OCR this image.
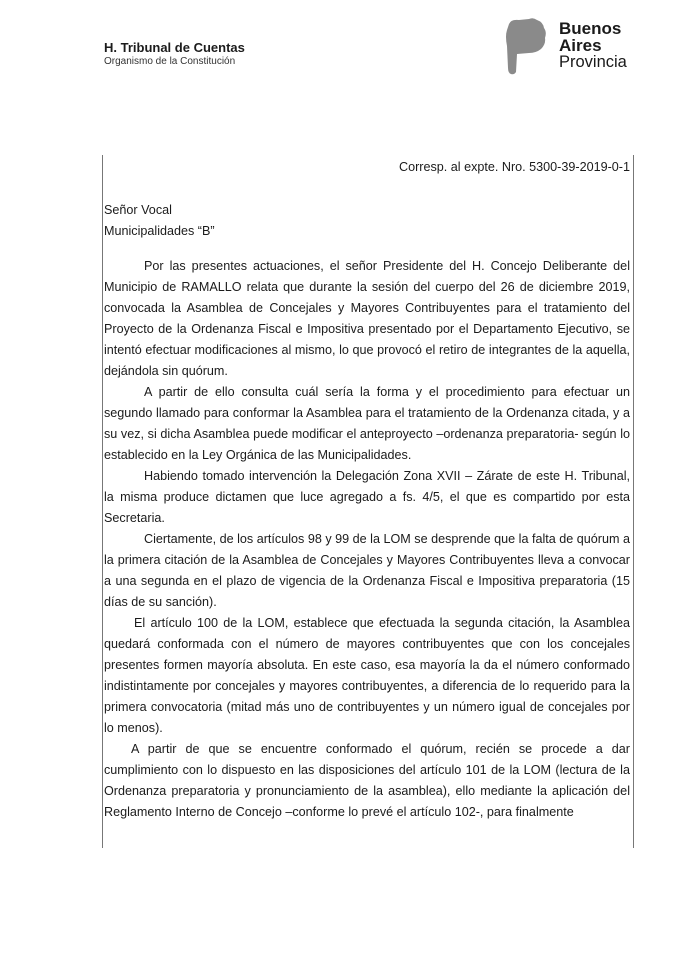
H. Tribunal de Cuentas
Organismo de la Constitución
Buenos
Aires
Provincia
Corresp. al expte. Nro. 5300-39-2019-0-1
Señor Vocal
Municipalidades “B”

Por las presentes actuaciones, el señor Presidente del H. Concejo Deliberante del Municipio de RAMALLO relata que durante la sesión del cuerpo del 26 de diciembre 2019, convocada la Asamblea de Concejales y Mayores Contribuyentes para el tratamiento del Proyecto de la Ordenanza Fiscal e Impositiva presentado por el Departamento Ejecutivo, se intentó efectuar modificaciones al mismo, lo que provocó el retiro de integrantes de la aquella, dejándola sin quórum.

A partir de ello consulta cuál sería la forma y el procedimiento para efectuar un segundo llamado para conformar la Asamblea para el tratamiento de la Ordenanza citada, y a su vez, si dicha Asamblea puede modificar el anteproyecto –ordenanza preparatoria- según lo establecido en la Ley Orgánica de las Municipalidades.

Habiendo tomado intervención la Delegación Zona XVII – Zárate de este H. Tribunal, la misma produce dictamen que luce agregado a fs. 4/5, el que es compartido por esta Secretaria.

Ciertamente, de los artículos 98 y 99 de la LOM se desprende que la falta de quórum a la primera citación de la Asamblea de Concejales y Mayores Contribuyentes lleva a convocar a una segunda en el plazo de vigencia de la Ordenanza Fiscal e Impositiva preparatoria (15 días de su sanción).

El artículo 100 de la LOM, establece que efectuada la segunda citación, la Asamblea quedará conformada con el número de mayores contribuyentes que con los concejales presentes formen mayoría absoluta. En este caso, esa mayoría la da el número conformado indistintamente por concejales y mayores contribuyentes, a diferencia de lo requerido para la primera convocatoria (mitad más uno de contribuyentes y un número igual de concejales por lo menos).

A partir de que se encuentre conformado el quórum, recién se procede a dar cumplimiento con lo dispuesto en las disposiciones del artículo 101 de la LOM (lectura de la Ordenanza preparatoria y pronunciamiento de la asamblea), ello mediante la aplicación del Reglamento Interno de Concejo –conforme lo prevé el artículo 102-, para finalmente
